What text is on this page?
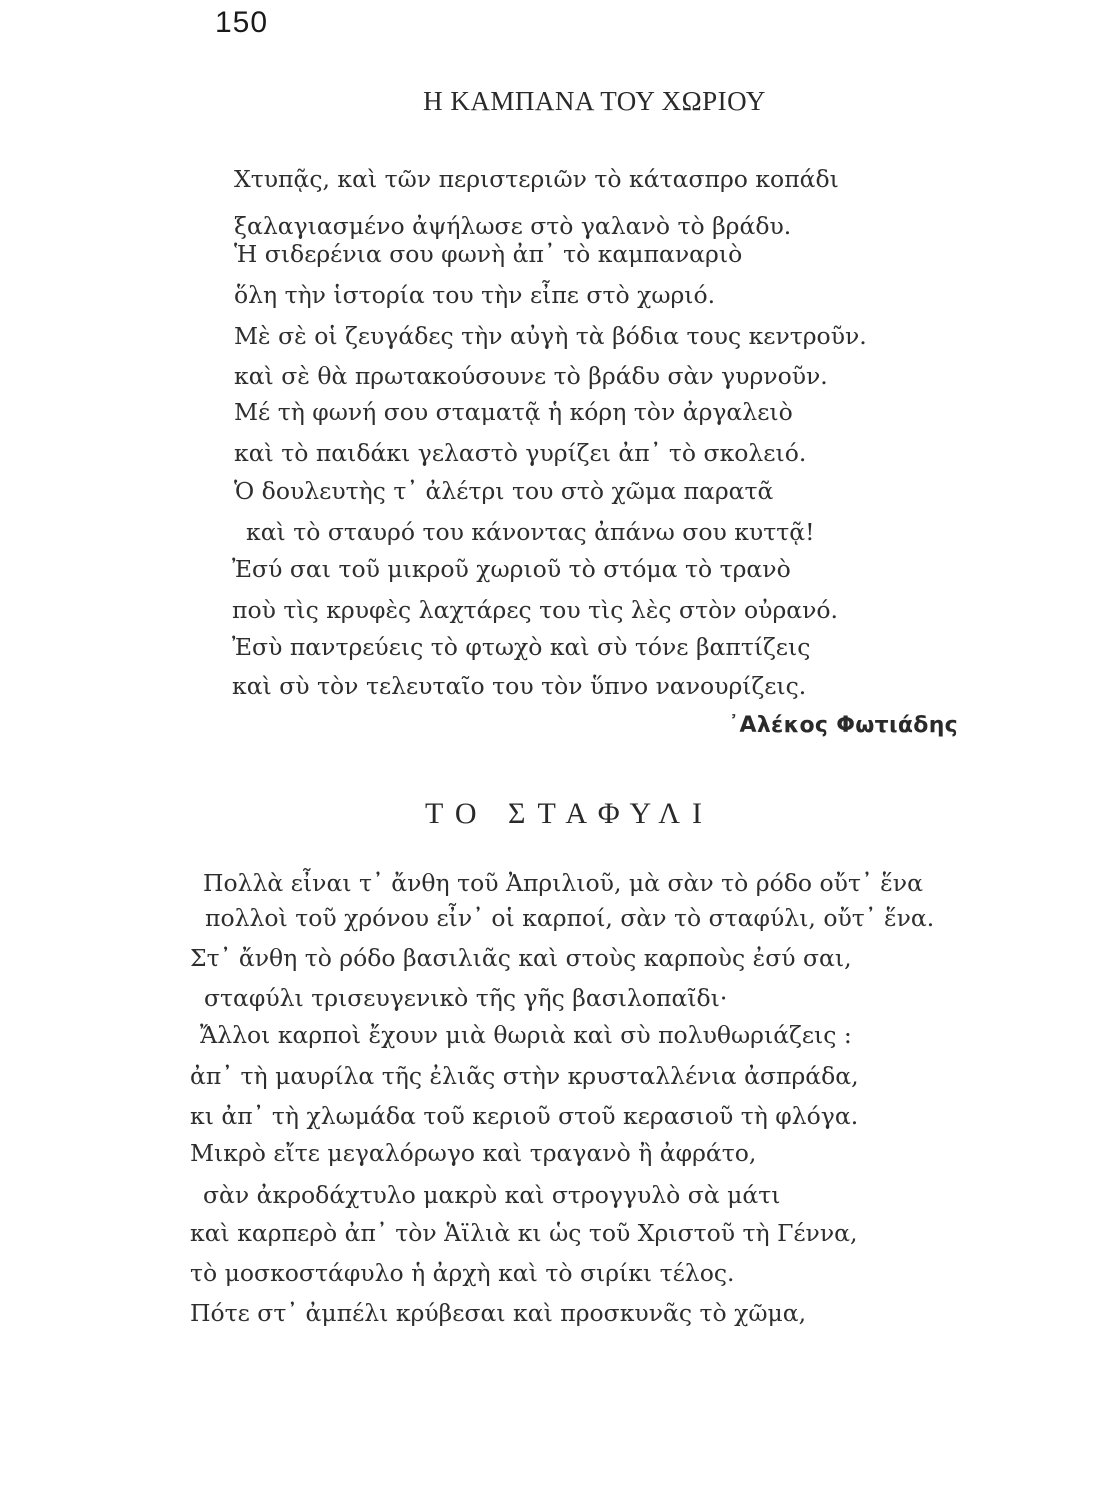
150
Η ΚΑΜΠΑΝΑ ΤΟΥ ΧΩΡΙΟΥ
Χτυπᾷς, καὶ τῶν περιστεριῶν τὸ κάτασπρο κοπάδι
ξαλαγιασμένο ἀψήλωσε στὸ γαλανὸ τὸ βράδυ.
Ἡ σιδερένια σου φωνὴ ἀπ᾽ τὸ καμπαναριὸ
ὅλη τὴν ἱστορία του τὴν εἶπε στὸ χωριό.
Μὲ σὲ οἱ ζευγάδες τὴν αὐγὴ τὰ βόδια τους κεντροῦν.
καὶ σὲ θὰ πρωτακούσουνε τὸ βράδυ σὰν γυρνοῦν.
Μέ τὴ φωνή σου σταματᾷ ἡ κόρη τὸν ἀργαλειὸ
καὶ τὸ παιδάκι γελαστὸ γυρίζει ἀπ᾽ τὸ σκολειό.
Ὁ δουλευτὴς τ᾽ ἀλέτρι του στὸ χῶμα παρατᾶ
καὶ τὸ σταυρό του κάνοντας ἀπάνω σου κυττᾷ!
Ἐσύ σαι τοῦ μικροῦ χωριοῦ τὸ στόμα τὸ τρανὸ
ποὺ τὶς κρυφὲς λαχτάρες του τὶς λὲς στὸν οὐρανό.
Ἐσὺ παντρεύεις τὸ φτωχὸ καὶ σὺ τόνε βαπτίζεις
καὶ σὺ τὸν τελευταῖο του τὸν ὕπνο νανουρίζεις.
᾿Αλέκος Φωτιάδης
ΤΟ ΣΤΑΦΥΛΙ
Πολλὰ εἶναι τ᾽ ἄνθη τοῦ Ἀπριλιοῦ, μὰ σὰν τὸ ρόδο οὔτ᾽ ἕνα
πολλοὶ τοῦ χρόνου εἶν᾽ οἱ καρποί, σὰν τὸ σταφύλι, οὔτ᾽ ἕνα.
Στ᾽ ἄνθη τὸ ρόδο βασιλιᾶς καὶ στοὺς καρποὺς ἐσύ σαι,
σταφύλι τρισευγενικὸ τῆς γῆς βασιλοπαῖδι·
Ἄλλοι καρποὶ ἔχουν μιὰ θωριὰ καὶ σὺ πολυθωριάζεις :
ἀπ᾽ τὴ μαυρίλα τῆς ἐλιᾶς στὴν κρυσταλλένια ἀσπράδα,
κι ἀπ᾽ τὴ χλωμάδα τοῦ κεριοῦ στοῦ κερασιοῦ τὴ φλόγα.
Μικρὸ εἴτε μεγαλόρωγο καὶ τραγανὸ ἢ ἀφράτο,
σὰν ἀκροδάχτυλο μακρὺ καὶ στρογγυλὸ σὰ μάτι
καὶ καρπερὸ ἀπ᾽ τὸν Ἁϊλιὰ κι ὡς τοῦ Χριστοῦ τὴ Γέννα,
τὸ μοσκοστάφυλο ἡ ἀρχὴ καὶ τὸ σιρίκι τέλος.
Πότε στ᾽ ἀμπέλι κρύβεσαι καὶ προσκυνᾶς τὸ χῶμα,
